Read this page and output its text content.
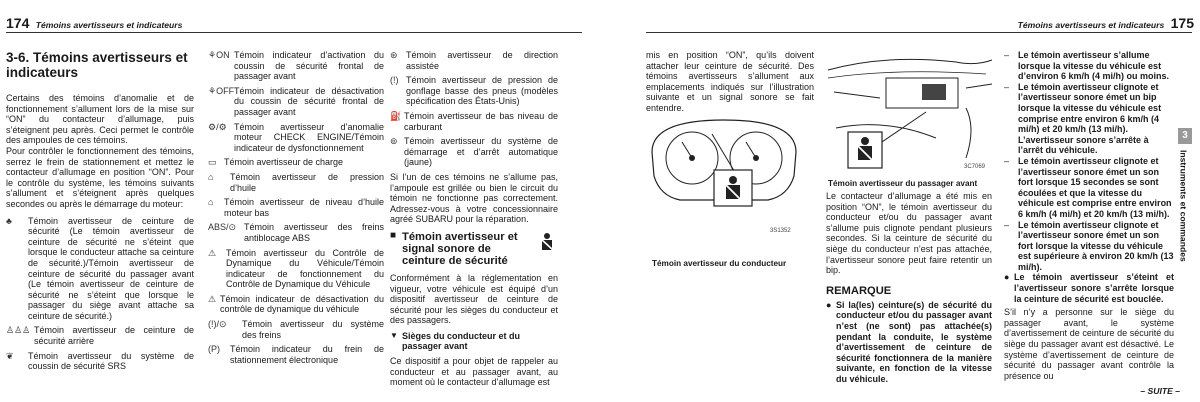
174 Témoins avertisseurs et indicateurs
3-6. Témoins avertisseurs et indicateurs
Certains des témoins d’anomalie et de fonctionnement s’allument lors de la mise sur “ON” du contacteur d’allumage, puis s’éteignent peu après. Ceci permet le contrôle des ampoules de ces témoins.
Pour contrôler le fonctionnement des témoins, serrez le frein de stationnement et mettez le contacteur d’allumage en position “ON”. Pour le contrôle du système, les témoins suivants s’allument et s’éteignent après quelques secondes ou après le démarrage du moteur:
♣	Témoin avertisseur de ceinture de sécurité (Le témoin avertisseur de ceinture de sécurité ne s’éteint que lorsque le conducteur attache sa ceinture de sécurité.)/Témoin avertisseur de ceinture de sécurité du passager avant (Le témoin avertisseur de ceinture de sécurité ne s’éteint que lorsque le passager du siège avant attache sa ceinture de sécurité.)
♙♙♙ Témoin avertisseur de ceinture de sécurité arrière
❦	Témoin avertisseur du système de coussin de sécurité SRS
⚘ON Témoin indicateur d’activation du coussin de sécurité frontal de passager avant
⚘OFF Témoin indicateur de désactivation du coussin de sécurité frontal de passager avant
⚙/⚙ Témoin avertisseur d’anomalie moteur CHECK ENGINE/Témoin indicateur de dysfonctionnement
▭ Témoin avertisseur de charge
⌂	Témoin avertisseur de pression d’huile
⌂	Témoin avertisseur de niveau d’huile moteur bas
ABS/⊙ Témoin avertisseur des freins antiblocage ABS
⚠	Témoin avertisseur du Contrôle de Dynamique du Véhicule/Témoin indicateur de fonctionnement du Contrôle de Dynamique du Véhicule
⚠ Témoin indicateur de désactivation du contrôle de dynamique du véhicule
(!)/⊙	Témoin avertisseur du système des freins
(P)	Témoin indicateur du frein de stationnement électronique
⊛ Témoin avertisseur de direction assistée
(!) Témoin avertisseur de pression de gonflage basse des pneus (modèles spécification des États-Unis)
⛽ Témoin avertisseur de bas niveau de carburant
⊚ Témoin avertisseur du système de démarrage et d’arrêt automatique (jaune)
Si l’un de ces témoins ne s’allume pas, l’ampoule est grillée ou bien le circuit du témoin ne fonctionne pas correctement. Adressez-vous à votre concessionnaire agréé SUBARU pour la réparation.
■ Témoin avertisseur et signal sonore de ceinture de sécurité
Conformément à la réglementation en vigueur, votre véhicule est équipé d’un dispositif avertisseur de ceinture de sécurité pour les sièges du conducteur et des passagers.
▼ Sièges du conducteur et du passager avant
Ce dispositif a pour objet de rappeler au conducteur et au passager avant, au moment où le contacteur d’allumage est
Témoins avertisseurs et indicateurs 175
mis en position “ON”, qu’ils doivent attacher leur ceinture de sécurité. Des témoins avertisseurs s’allument aux emplacements indiqués sur l’illustration suivante et un signal sonore se fait entendre.
3S1352
Témoin avertisseur du conducteur
3C7069
Témoin avertisseur du passager avant
Le contacteur d’allumage a été mis en position “ON”, le témoin avertisseur du conducteur et/ou du passager avant s’allume puis clignote pendant plusieurs secondes. Si la ceinture de sécurité du siège du conducteur n’est pas attachée, l’avertisseur sonore peut faire retentir un bip.
REMARQUE
● Si la(les) ceinture(s) de sécurité du conducteur et/ou du passager avant n’est (ne sont) pas attachée(s) pendant la conduite, le système d’avertissement de ceinture de sécurité fonctionnera de la manière suivante, en fonction de la vitesse du véhicule.
– Le témoin avertisseur s’allume lorsque la vitesse du véhicule est d’environ 6 km/h (4 mi/h) ou moins.
– Le témoin avertisseur clignote et l’avertisseur sonore émet un bip lorsque la vitesse du véhicule est comprise entre environ 6 km/h (4 mi/h) et 20 km/h (13 mi/h). L’avertisseur sonore s’arrête à l’arrêt du véhicule.
– Le témoin avertisseur clignote et l’avertisseur sonore émet un son fort lorsque 15 secondes se sont écoulées et que la vitesse du véhicule est comprise entre environ 6 km/h (4 mi/h) et 20 km/h (13 mi/h).
– Le témoin avertisseur clignote et l’avertisseur sonore émet un son fort lorsque la vitesse du véhicule est supérieure à environ 20 km/h (13 mi/h).
● Le témoin avertisseur s’éteint et l’avertisseur sonore s’arrête lorsque la ceinture de sécurité est bouclée.
S’il n’y a personne sur le siège du passager avant, le système d’avertissement de ceinture de sécurité du siège du passager avant est désactivé. Le système d’avertissement de ceinture de sécurité du passager avant contrôle la présence ou
– SUITE –
3
Instruments et commandes
